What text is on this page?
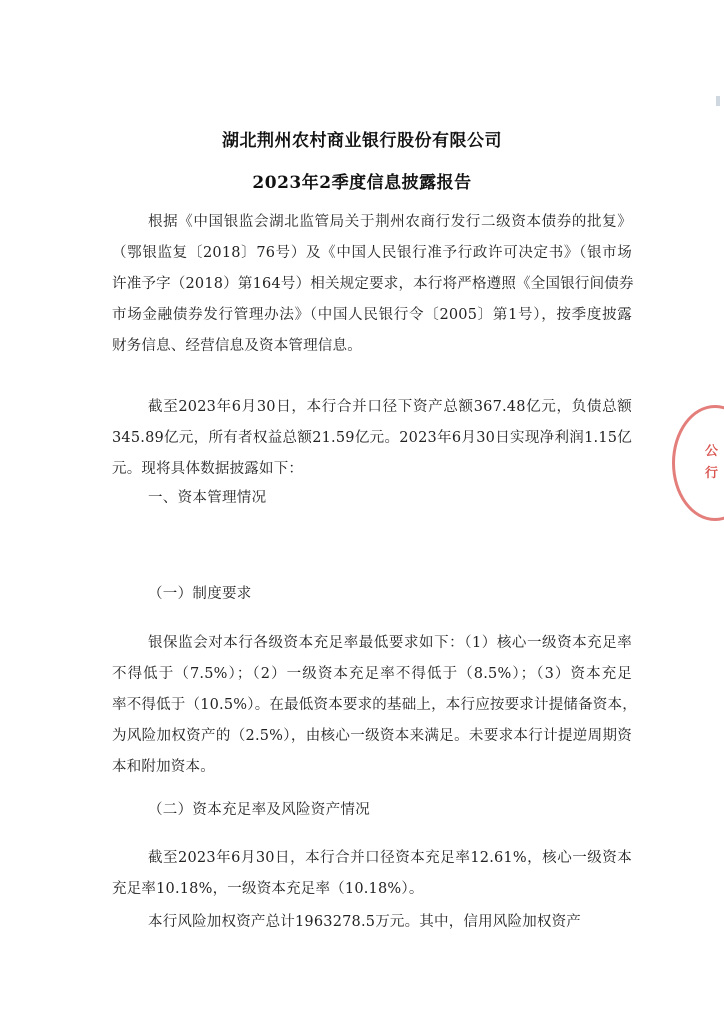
湖北荆州农村商业银行股份有限公司
2023年2季度信息披露报告
根据《中国银监会湖北监管局关于荆州农商行发行二级资本债券的批复》
（鄂银监复〔2018〕76号）及《中国人民银行准予行政许可决定书》（银市场
许准予字（2018）第164号）相关规定要求，本行将严格遵照《全国银行间债券
市场金融债券发行管理办法》（中国人民银行令〔2005〕第1号），按季度披露
财务信息、经营信息及资本管理信息。
截至2023年6月30日，本行合并口径下资产总额367.48亿元，负债总额
345.89亿元，所有者权益总额21.59亿元。2023年6月30日实现净利润1.15亿
元。现将具体数据披露如下：
一、资本管理情况
（一）制度要求
银保监会对本行各级资本充足率最低要求如下：（1）核心一级资本充足率
不得低于（7.5%）；（2）一级资本充足率不得低于（8.5%）；（3）资本充足
率不得低于（10.5%）。在最低资本要求的基础上，本行应按要求计提储备资本，
为风险加权资产的（2.5%），由核心一级资本来满足。未要求本行计提逆周期资
本和附加资本。
（二）资本充足率及风险资产情况
截至2023年6月30日，本行合并口径资本充足率12.61%，核心一级资本
充足率10.18%，一级资本充足率（10.18%）。
本行风险加权资产总计1963278.5万元。其中，信用风险加权资产
公
行
